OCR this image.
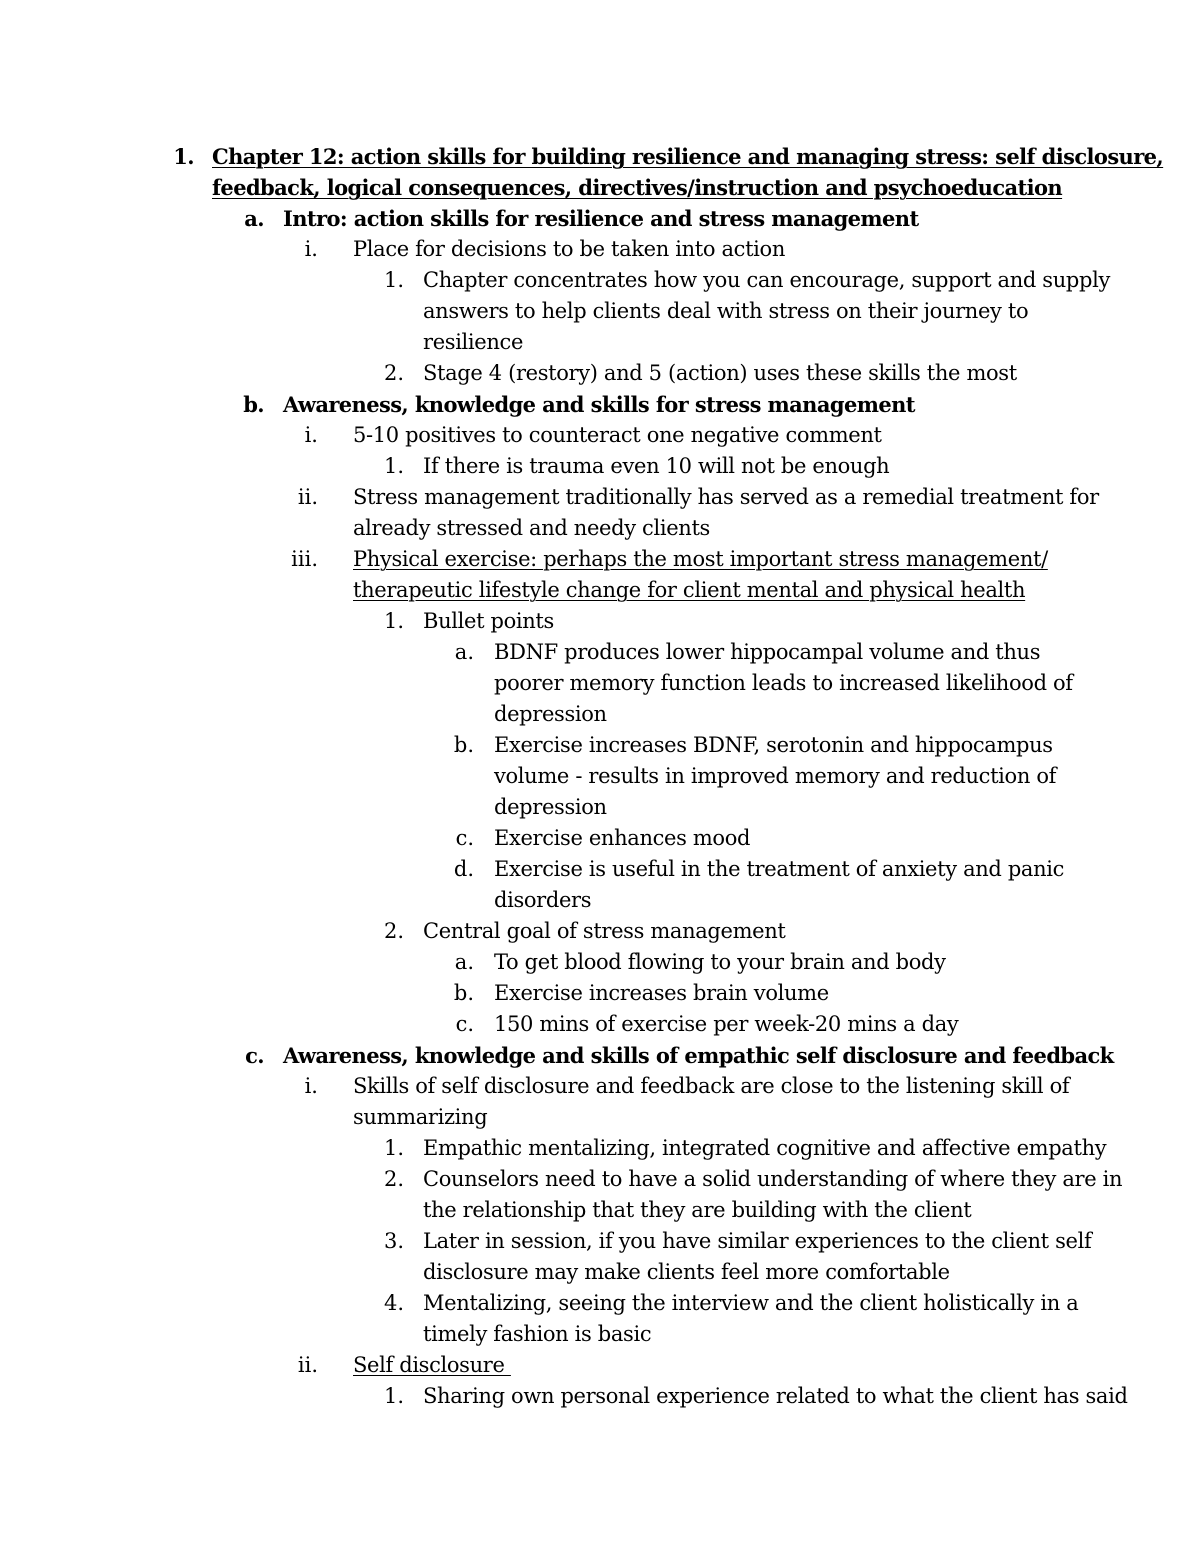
1. Chapter 12: action skills for building resilience and managing stress: self disclosure,
feedback, logical consequences, directives/instruction and psychoeducation
a. Intro: action skills for resilience and stress management
i. Place for decisions to be taken into action
1. Chapter concentrates how you can encourage, support and supply
answers to help clients deal with stress on their journey to
resilience
2. Stage 4 (restory) and 5 (action) uses these skills the most
b. Awareness, knowledge and skills for stress management
i. 5-10 positives to counteract one negative comment
1. If there is trauma even 10 will not be enough
ii. Stress management traditionally has served as a remedial treatment for
already stressed and needy clients
iii. Physical exercise: perhaps the most important stress management/
therapeutic lifestyle change for client mental and physical health
1. Bullet points
a. BDNF produces lower hippocampal volume and thus
poorer memory function leads to increased likelihood of
depression
b. Exercise increases BDNF, serotonin and hippocampus
volume - results in improved memory and reduction of
depression
c. Exercise enhances mood
d. Exercise is useful in the treatment of anxiety and panic
disorders
2. Central goal of stress management
a. To get blood flowing to your brain and body
b. Exercise increases brain volume
c. 150 mins of exercise per week-20 mins a day
c. Awareness, knowledge and skills of empathic self disclosure and feedback
i. Skills of self disclosure and feedback are close to the listening skill of
summarizing
1. Empathic mentalizing, integrated cognitive and affective empathy
2. Counselors need to have a solid understanding of where they are in
the relationship that they are building with the client
3. Later in session, if you have similar experiences to the client self
disclosure may make clients feel more comfortable
4. Mentalizing, seeing the interview and the client holistically in a
timely fashion is basic
ii. Self disclosure
1. Sharing own personal experience related to what the client has said
